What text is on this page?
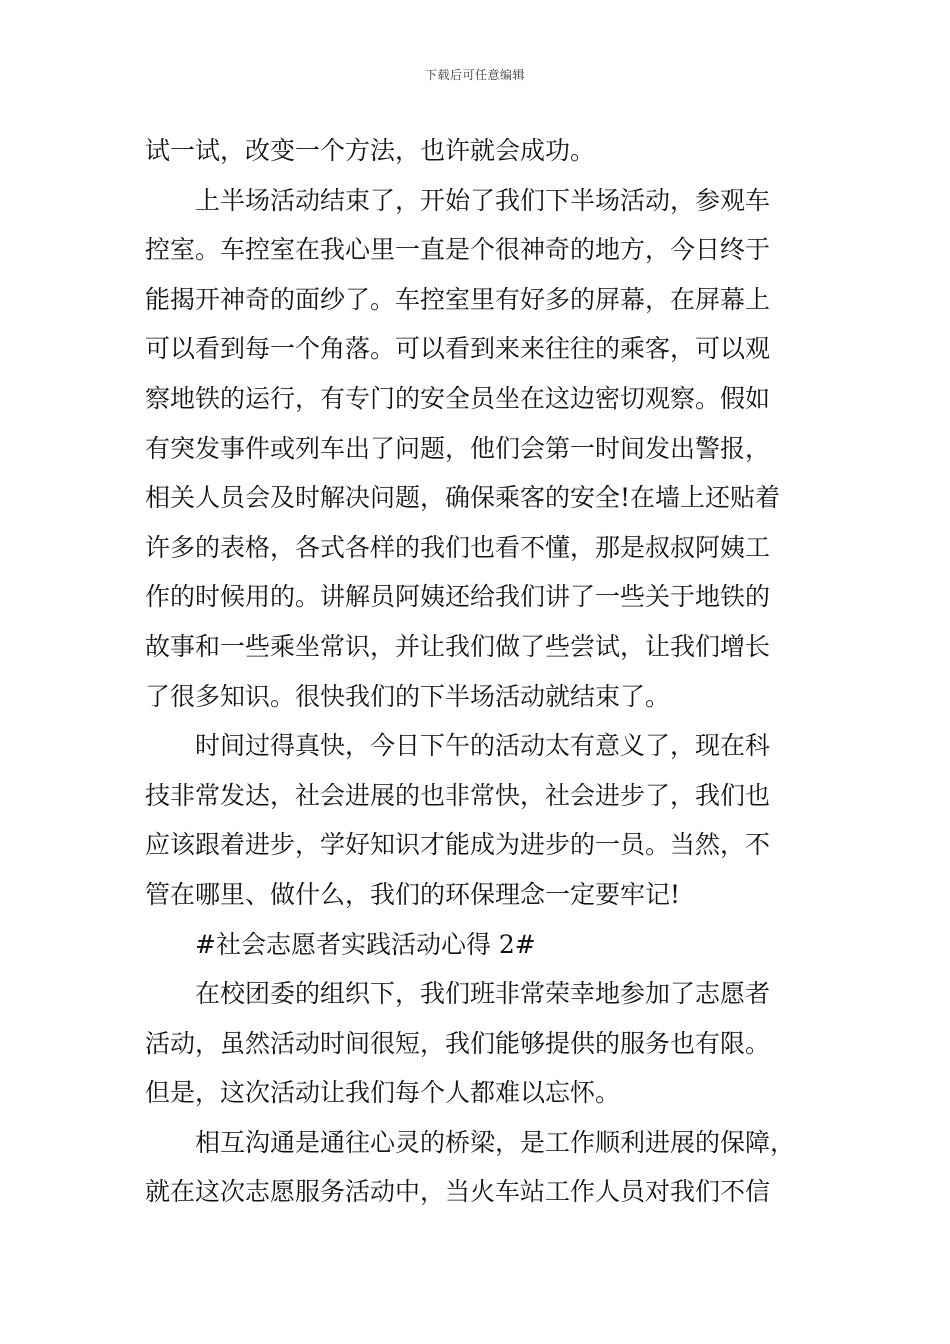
下载后可任意编辑
试一试，改变一个方法，也许就会成功。
上半场活动结束了，开始了我们下半场活动，参观车
控室。车控室在我心里一直是个很神奇的地方，今日终于
能揭开神奇的面纱了。车控室里有好多的屏幕，在屏幕上
可以看到每一个角落。可以看到来来往往的乘客，可以观
察地铁的运行，有专门的安全员坐在这边密切观察。假如
有突发事件或列车出了问题，他们会第一时间发出警报，
相关人员会及时解决问题，确保乘客的安全!在墙上还贴着
许多的表格，各式各样的我们也看不懂，那是叔叔阿姨工
作的时候用的。讲解员阿姨还给我们讲了一些关于地铁的
故事和一些乘坐常识，并让我们做了些尝试，让我们增长
了很多知识。很快我们的下半场活动就结束了。
时间过得真快，今日下午的活动太有意义了，现在科
技非常发达，社会进展的也非常快，社会进步了，我们也
应该跟着进步，学好知识才能成为进步的一员。当然，不
管在哪里、做什么，我们的环保理念一定要牢记!
#社会志愿者实践活动心得 2#
在校团委的组织下，我们班非常荣幸地参加了志愿者
活动，虽然活动时间很短，我们能够提供的服务也有限。
但是，这次活动让我们每个人都难以忘怀。
相互沟通是通往心灵的桥梁，是工作顺利进展的保障，
就在这次志愿服务活动中，当火车站工作人员对我们不信
